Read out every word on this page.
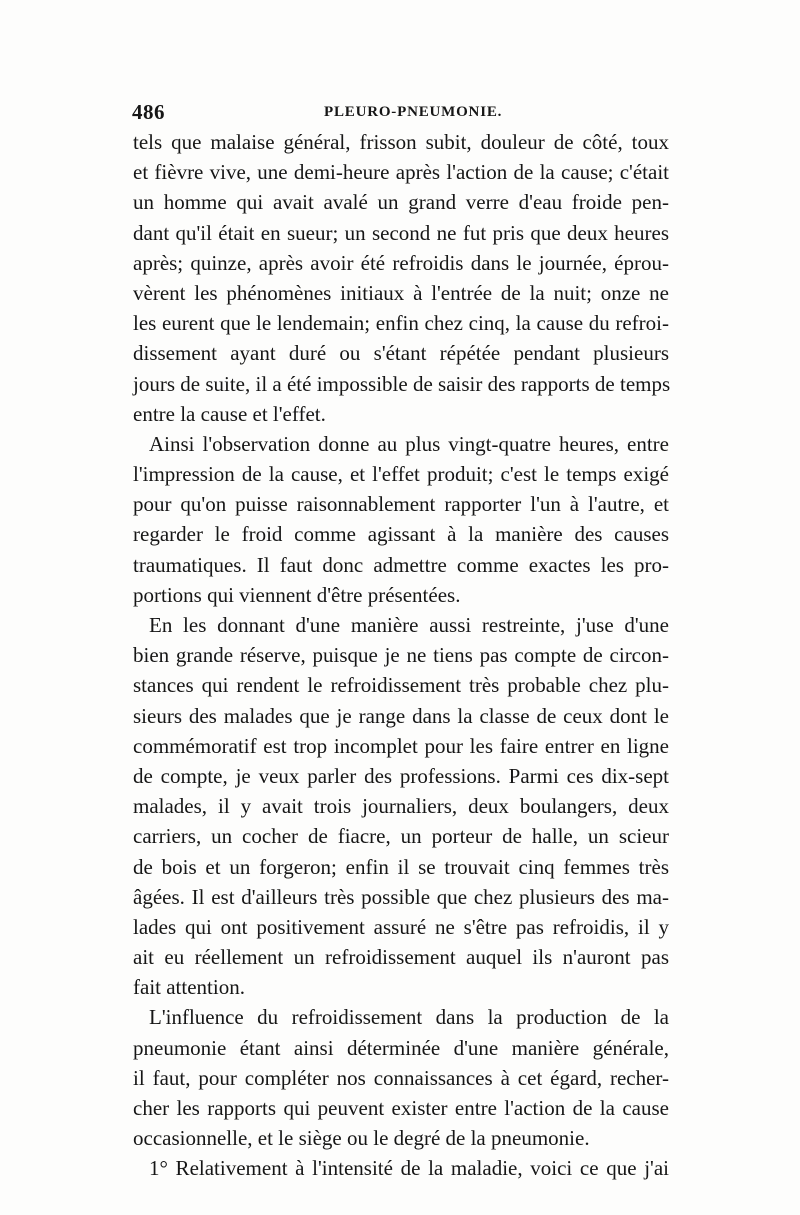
486	PLEURO-PNEUMONIE.
tels que malaise général, frisson subit, douleur de côté, toux
et fièvre vive, une demi-heure après l'action de la cause; c'était
un homme qui avait avalé un grand verre d'eau froide pen-
dant qu'il était en sueur; un second ne fut pris que deux heures
après; quinze, après avoir été refroidis dans le journée, éprou-
vèrent les phénomènes initiaux à l'entrée de la nuit; onze ne
les eurent que le lendemain; enfin chez cinq, la cause du refroi-
dissement ayant duré ou s'étant répétée pendant plusieurs
jours de suite, il a été impossible de saisir des rapports de temps
entre la cause et l'effet.
Ainsi l'observation donne au plus vingt-quatre heures, entre
l'impression de la cause, et l'effet produit; c'est le temps exigé
pour qu'on puisse raisonnablement rapporter l'un à l'autre, et
regarder le froid comme agissant à la manière des causes
traumatiques. Il faut donc admettre comme exactes les pro-
portions qui viennent d'être présentées.
En les donnant d'une manière aussi restreinte, j'use d'une
bien grande réserve, puisque je ne tiens pas compte de circon-
stances qui rendent le refroidissement très probable chez plu-
sieurs des malades que je range dans la classe de ceux dont le
commémoratif est trop incomplet pour les faire entrer en ligne
de compte, je veux parler des professions. Parmi ces dix-sept
malades, il y avait trois journaliers, deux boulangers, deux
carriers, un cocher de fiacre, un porteur de halle, un scieur
de bois et un forgeron; enfin il se trouvait cinq femmes très
âgées. Il est d'ailleurs très possible que chez plusieurs des ma-
lades qui ont positivement assuré ne s'être pas refroidis, il y
ait eu réellement un refroidissement auquel ils n'auront pas
fait attention.
L'influence du refroidissement dans la production de la
pneumonie étant ainsi déterminée d'une manière générale,
il faut, pour compléter nos connaissances à cet égard, recher-
cher les rapports qui peuvent exister entre l'action de la cause
occasionnelle, et le siège ou le degré de la pneumonie.
1° Relativement à l'intensité de la maladie, voici ce que j'ai
